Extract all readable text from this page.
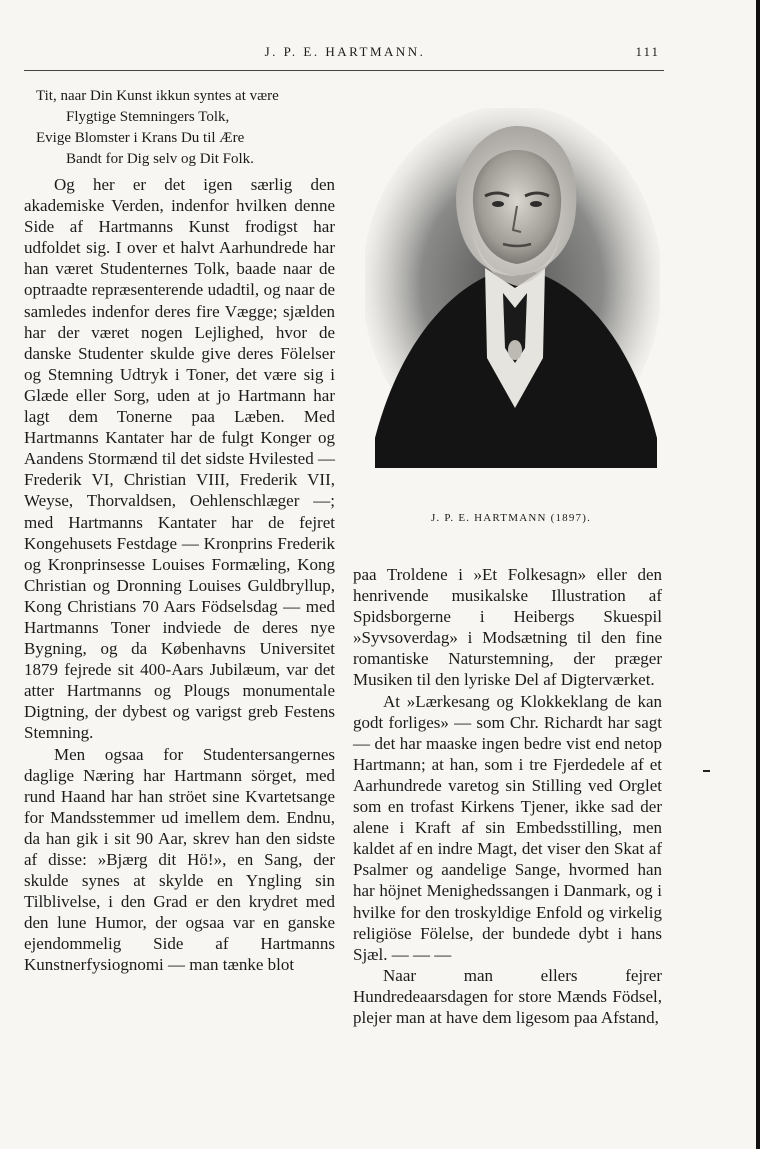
J. P. E. HARTMANN.	111
Tit, naar Din Kunst ikkun syntes at være
Flygtige Stemningers Tolk,
Evige Blomster i Krans Du til Ære
Bandt for Dig selv og Dit Folk.

Og her er det igen særlig den akademiske Verden, indenfor hvilken denne Side af Hartmanns Kunst frodigst har udfoldet sig. I over et halvt Aarhundrede har han været Studenternes Tolk, baade naar de optraadte repræsenterende udadtil, og naar de samledes indenfor deres fire Vægge; sjælden har der været nogen Lejlighed, hvor de danske Studenter skulde give deres Fölelser og Stemning Udtryk i Toner, det være sig i Glæde eller Sorg, uden at jo Hartmann har lagt dem Tonerne paa Læben. Med Hartmanns Kantater har de fulgt Konger og Aandens Stormænd til det sidste Hvilested — Frederik VI, Christian VIII, Frederik VII, Weyse, Thorvaldsen, Oehlenschlæger —; med Hartmanns Kantater har de fejret Kongehusets Festdage — Kronprins Frederik og Kronprinsesse Louises Formæling, Kong Christian og Dronning Louises Guldbryllup, Kong Christians 70 Aars Födselsdag — med Hartmanns Toner indviede de deres nye Bygning, og da Københavns Universitet 1879 fejrede sit 400-Aars Jubilæum, var det atter Hartmanns og Plougs monumentale Digtning, der dybest og varigst greb Festens Stemning.

Men ogsaa for Studentersangernes daglige Næring har Hartmann sörget, med rund Haand har han ströet sine Kvartetsange for Mandsstemmer ud imellem dem. Endnu, da han gik i sit 90 Aar, skrev han den sidste af disse: »Bjærg dit Hö!», en Sang, der skulde synes at skylde en Yngling sin Tilblivelse, i den Grad er den krydret med den lune Humor, der ogsaa var en ganske ejendommelig Side af Hartmanns Kunstnerfysiognomi — man tænke blot

J. P. E. HARTMANN (1897).

paa Troldene i »Et Folkesagn» eller den henrivende musikalske Illustration af Spidsborgerne i Heibergs Skuespil »Syvsoverdag» i Modsætning til den fine romantiske Naturstemning, der præger Musiken til den lyriske Del af Digterværket.

At »Lærkesang og Klokkeklang de kan godt forliges» — som Chr. Richardt har sagt — det har maaske ingen bedre vist end netop Hartmann; at han, som i tre Fjerdedele af et Aarhundrede varetog sin Stilling ved Orglet som en trofast Kirkens Tjener, ikke sad der alene i Kraft af sin Embedsstilling, men kaldet af en indre Magt, det viser den Skat af Psalmer og aandelige Sange, hvormed han har höjnet Menighedssangen i Danmark, og i hvilke for den troskyldige Enfold og virkelig religiöse Fölelse, der bundede dybt i hans Sjæl. — — —

Naar man ellers fejrer Hundredeaarsdagen for store Mænds Födsel, plejer man at have dem ligesom paa Afstand,
